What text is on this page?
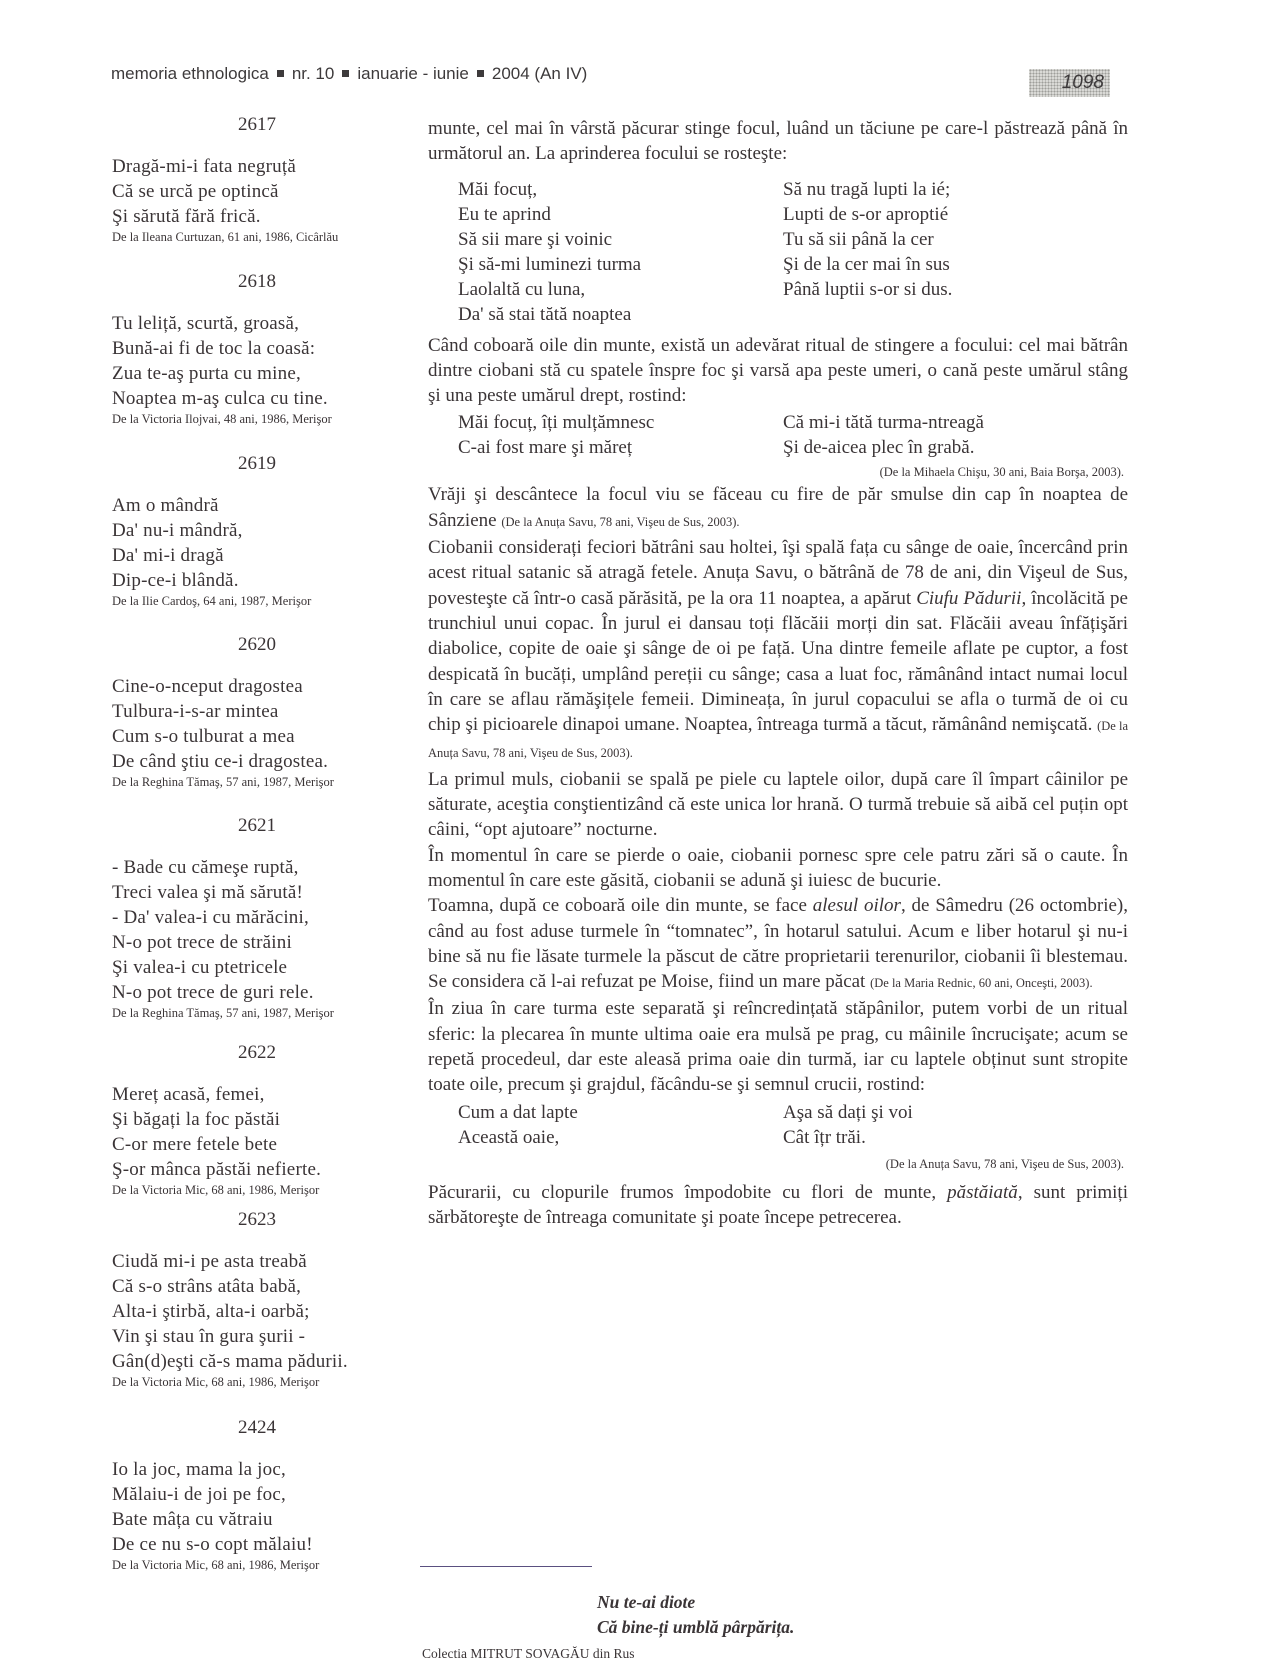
memoria ethnologica nr. 10 ianuarie - iunie 2004 (An IV)	1098
2617
Dragă-mi-i fata negruță
Că se urcă pe optincă
Şi sărută fără frică.
De la Ileana Curtuzan, 61 ani, 1986, Cicârlău
2618
Tu leliță, scurtă, groasă,
Bună-ai fi de toc la coasă:
Zua te-aş purta cu mine,
Noaptea m-aş culca cu tine.
De la Victoria Ilojvai, 48 ani, 1986, Merişor
2619
Am o mândră
Da' nu-i mândră,
Da' mi-i dragă
Dip-ce-i blândă.
De la Ilie Cardoş, 64 ani, 1987, Merişor
2620
Cine-o-nceput dragostea
Tulbura-i-s-ar mintea
Cum s-o tulburat a mea
De când ştiu ce-i dragostea.
De la Reghina Tămaş, 57 ani, 1987, Merişor
2621
- Bade cu cămeşe ruptă,
Treci valea şi mă sărută!
- Da' valea-i cu mărăcini,
N-o pot trece de străini
Şi valea-i cu ptetricele
N-o pot trece de guri rele.
De la Reghina Tămaş, 57 ani, 1987, Merişor
2622
Mereț acasă, femei,
Şi băgați la foc păstăi
C-or mere fetele bete
Ş-or mânca păstăi nefierte.
De la Victoria Mic, 68 ani, 1986, Merişor
2623
Ciudă mi-i pe asta treabă
Că s-o strâns atâta babă,
Alta-i ştirbă, alta-i oarbă;
Vin şi stau în gura şurii -
Gân(d)eşti că-s mama pădurii.
De la Victoria Mic, 68 ani, 1986, Merişor
2424
Io la joc, mama la joc,
Mălaiu-i de joi pe foc,
Bate mâța cu vătraiu
De ce nu s-o copt mălaiu!
De la Victoria Mic, 68 ani, 1986, Merişor
munte, cel mai în vârstă păcurar stinge focul, luând un tăciune pe care-l păstrează până în următorul an. La aprinderea focului se rosteşte:
Măi focuț,
Eu te aprind
Să sii mare şi voinic
Şi să-mi luminezi turma
Laolaltă cu luna,
Da' să stai tătă noaptea
Să nu tragă lupti la ié;
Lupti de s-or aproptié
Tu să sii până la cer
Şi de la cer mai în sus
Până luptii s-or si dus.
Când coboară oile din munte, există un adevărat ritual de stingere a focului: cel mai bătrân dintre ciobani stă cu spatele înspre foc şi varsă apa peste umeri, o cană peste umărul stâng şi una peste umărul drept, rostind:
Măi focuț, îți mulțămnesc
C-ai fost mare şi măreț
Că mi-i tătă turma-ntreagă
Şi de-aicea plec în grabă.
(De la Mihaela Chişu, 30 ani, Baia Borşa, 2003).
Vrăji şi descântece la focul viu se făceau cu fire de păr smulse din cap în noaptea de Sânziene (De la Anuța Savu, 78 ani, Vişeu de Sus, 2003).
Ciobanii considerați feciori bătrâni sau holtei, îşi spală fața cu sânge de oaie, încercând prin acest ritual satanic să atragă fetele. Anuța Savu, o bătrână de 78 de ani, din Vişeul de Sus, povesteşte că într-o casă părăsită, pe la ora 11 noaptea, a apărut Ciufu Pădurii, încolăcită pe trunchiul unui copac. În jurul ei dansau toți flăcăii morți din sat. Flăcăii aveau înfățişări diabolice, copite de oaie şi sânge de oi pe față. Una dintre femeile aflate pe cuptor, a fost despicată în bucăți, umplând pereții cu sânge; casa a luat foc, rămânând intact numai locul în care se aflau rămăşițele femeii. Dimineața, în jurul copacului se afla o turmă de oi cu chip şi picioarele dinapoi umane. Noaptea, întreaga turmă a tăcut, rămânând nemişcată. (De la Anuța Savu, 78 ani, Vişeu de Sus, 2003).
La primul muls, ciobanii se spală pe piele cu laptele oilor, după care îl împart câinilor pe săturate, aceştia conştientizând că este unica lor hrană. O turmă trebuie să aibă cel puțin opt câini, “opt ajutoare” nocturne.
În momentul în care se pierde o oaie, ciobanii pornesc spre cele patru zări să o caute. În momentul în care este găsită, ciobanii se adună şi iuiesc de bucurie.
Toamna, după ce coboară oile din munte, se face alesul oilor, de Sâmedru (26 octombrie), când au fost aduse turmele în “tomnatec”, în hotarul satului. Acum e liber hotarul şi nu-i bine să nu fie lăsate turmele la păscut de către proprietarii terenurilor, ciobanii îi blestemau. Se considera că l-ai refuzat pe Moise, fiind un mare păcat (De la Maria Rednic, 60 ani, Onceşti, 2003).
În ziua în care turma este separată şi reîncredințată stăpânilor, putem vorbi de un ritual sferic: la plecarea în munte ultima oaie era mulsă pe prag, cu mâinile încrucişate; acum se repetă procedeul, dar este aleasă prima oaie din turmă, iar cu laptele obținut sunt stropite toate oile, precum şi grajdul, făcându-se şi semnul crucii, rostind:
Cum a dat lapte
Această oaie,
Aşa să dați şi voi
Cât îțr trăi.
(De la Anuța Savu, 78 ani, Vişeu de Sus, 2003).
Păcurarii, cu clopurile frumos împodobite cu flori de munte, păstăiată, sunt primiți sărbătoreşte de întreaga comunitate şi poate începe petrecerea.
Nu te-ai diote
Că bine-ți umblă pârpărița.
Colectia MITRUT SOVAGĂU din Rus
